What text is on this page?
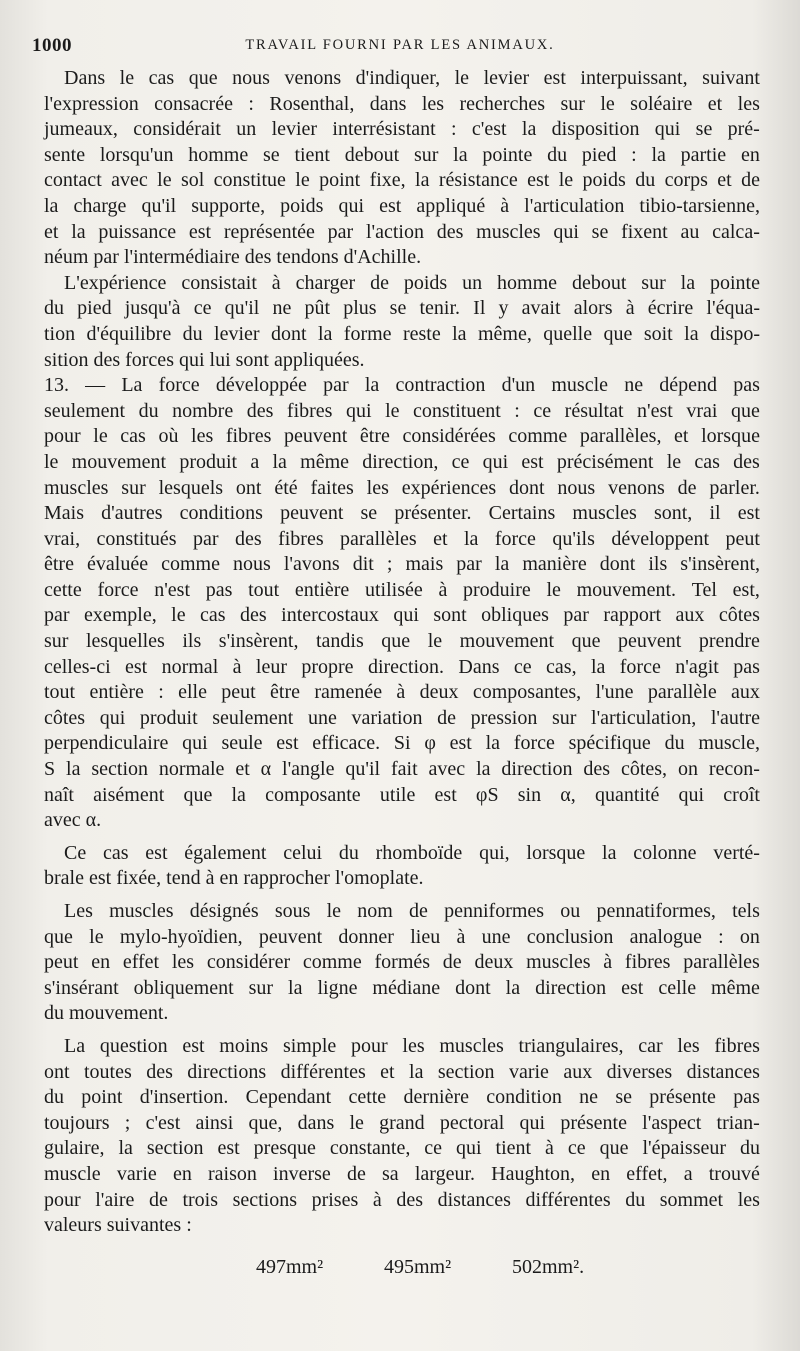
1000	TRAVAIL FOURNI PAR LES ANIMAUX.
Dans le cas que nous venons d'indiquer, le levier est interpuissant, suivant
l'expression consacrée : Rosenthal, dans les recherches sur le soléaire et les
jumeaux, considérait un levier interrésistant : c'est la disposition qui se pré-
sente lorsqu'un homme se tient debout sur la pointe du pied : la partie en
contact avec le sol constitue le point fixe, la résistance est le poids du corps et de
la charge qu'il supporte, poids qui est appliqué à l'articulation tibio-tarsienne,
et la puissance est représentée par l'action des muscles qui se fixent au calca-
néum par l'intermédiaire des tendons d'Achille.
L'expérience consistait à charger de poids un homme debout sur la pointe
du pied jusqu'à ce qu'il ne pût plus se tenir. Il y avait alors à écrire l'équa-
tion d'équilibre du levier dont la forme reste la même, quelle que soit la dispo-
sition des forces qui lui sont appliquées.
13. — La force développée par la contraction d'un muscle ne dépend pas
seulement du nombre des fibres qui le constituent : ce résultat n'est vrai que
pour le cas où les fibres peuvent être considérées comme parallèles, et lorsque
le mouvement produit a la même direction, ce qui est précisément le cas des
muscles sur lesquels ont été faites les expériences dont nous venons de parler.
Mais d'autres conditions peuvent se présenter. Certains muscles sont, il est
vrai, constitués par des fibres parallèles et la force qu'ils développent peut
être évaluée comme nous l'avons dit ; mais par la manière dont ils s'insèrent,
cette force n'est pas tout entière utilisée à produire le mouvement. Tel est,
par exemple, le cas des intercostaux qui sont obliques par rapport aux côtes
sur lesquelles ils s'insèrent, tandis que le mouvement que peuvent prendre
celles-ci est normal à leur propre direction. Dans ce cas, la force n'agit pas
tout entière : elle peut être ramenée à deux composantes, l'une parallèle aux
côtes qui produit seulement une variation de pression sur l'articulation, l'autre
perpendiculaire qui seule est efficace. Si φ est la force spécifique du muscle,
S la section normale et α l'angle qu'il fait avec la direction des côtes, on recon-
naît aisément que la composante utile est φS sin α, quantité qui croît
avec α.
Ce cas est également celui du rhomboïde qui, lorsque la colonne verté-
brale est fixée, tend à en rapprocher l'omoplate.
Les muscles désignés sous le nom de penniformes ou pennatiformes, tels
que le mylo-hyoïdien, peuvent donner lieu à une conclusion analogue : on
peut en effet les considérer comme formés de deux muscles à fibres parallèles
s'insérant obliquement sur la ligne médiane dont la direction est celle même
du mouvement.
La question est moins simple pour les muscles triangulaires, car les fibres
ont toutes des directions différentes et la section varie aux diverses distances
du point d'insertion. Cependant cette dernière condition ne se présente pas
toujours ; c'est ainsi que, dans le grand pectoral qui présente l'aspect trian-
gulaire, la section est presque constante, ce qui tient à ce que l'épaisseur du
muscle varie en raison inverse de sa largeur. Haughton, en effet, a trouvé
pour l'aire de trois sections prises à des distances différentes du sommet les
valeurs suivantes :
497mm²	495mm²	502mm².
